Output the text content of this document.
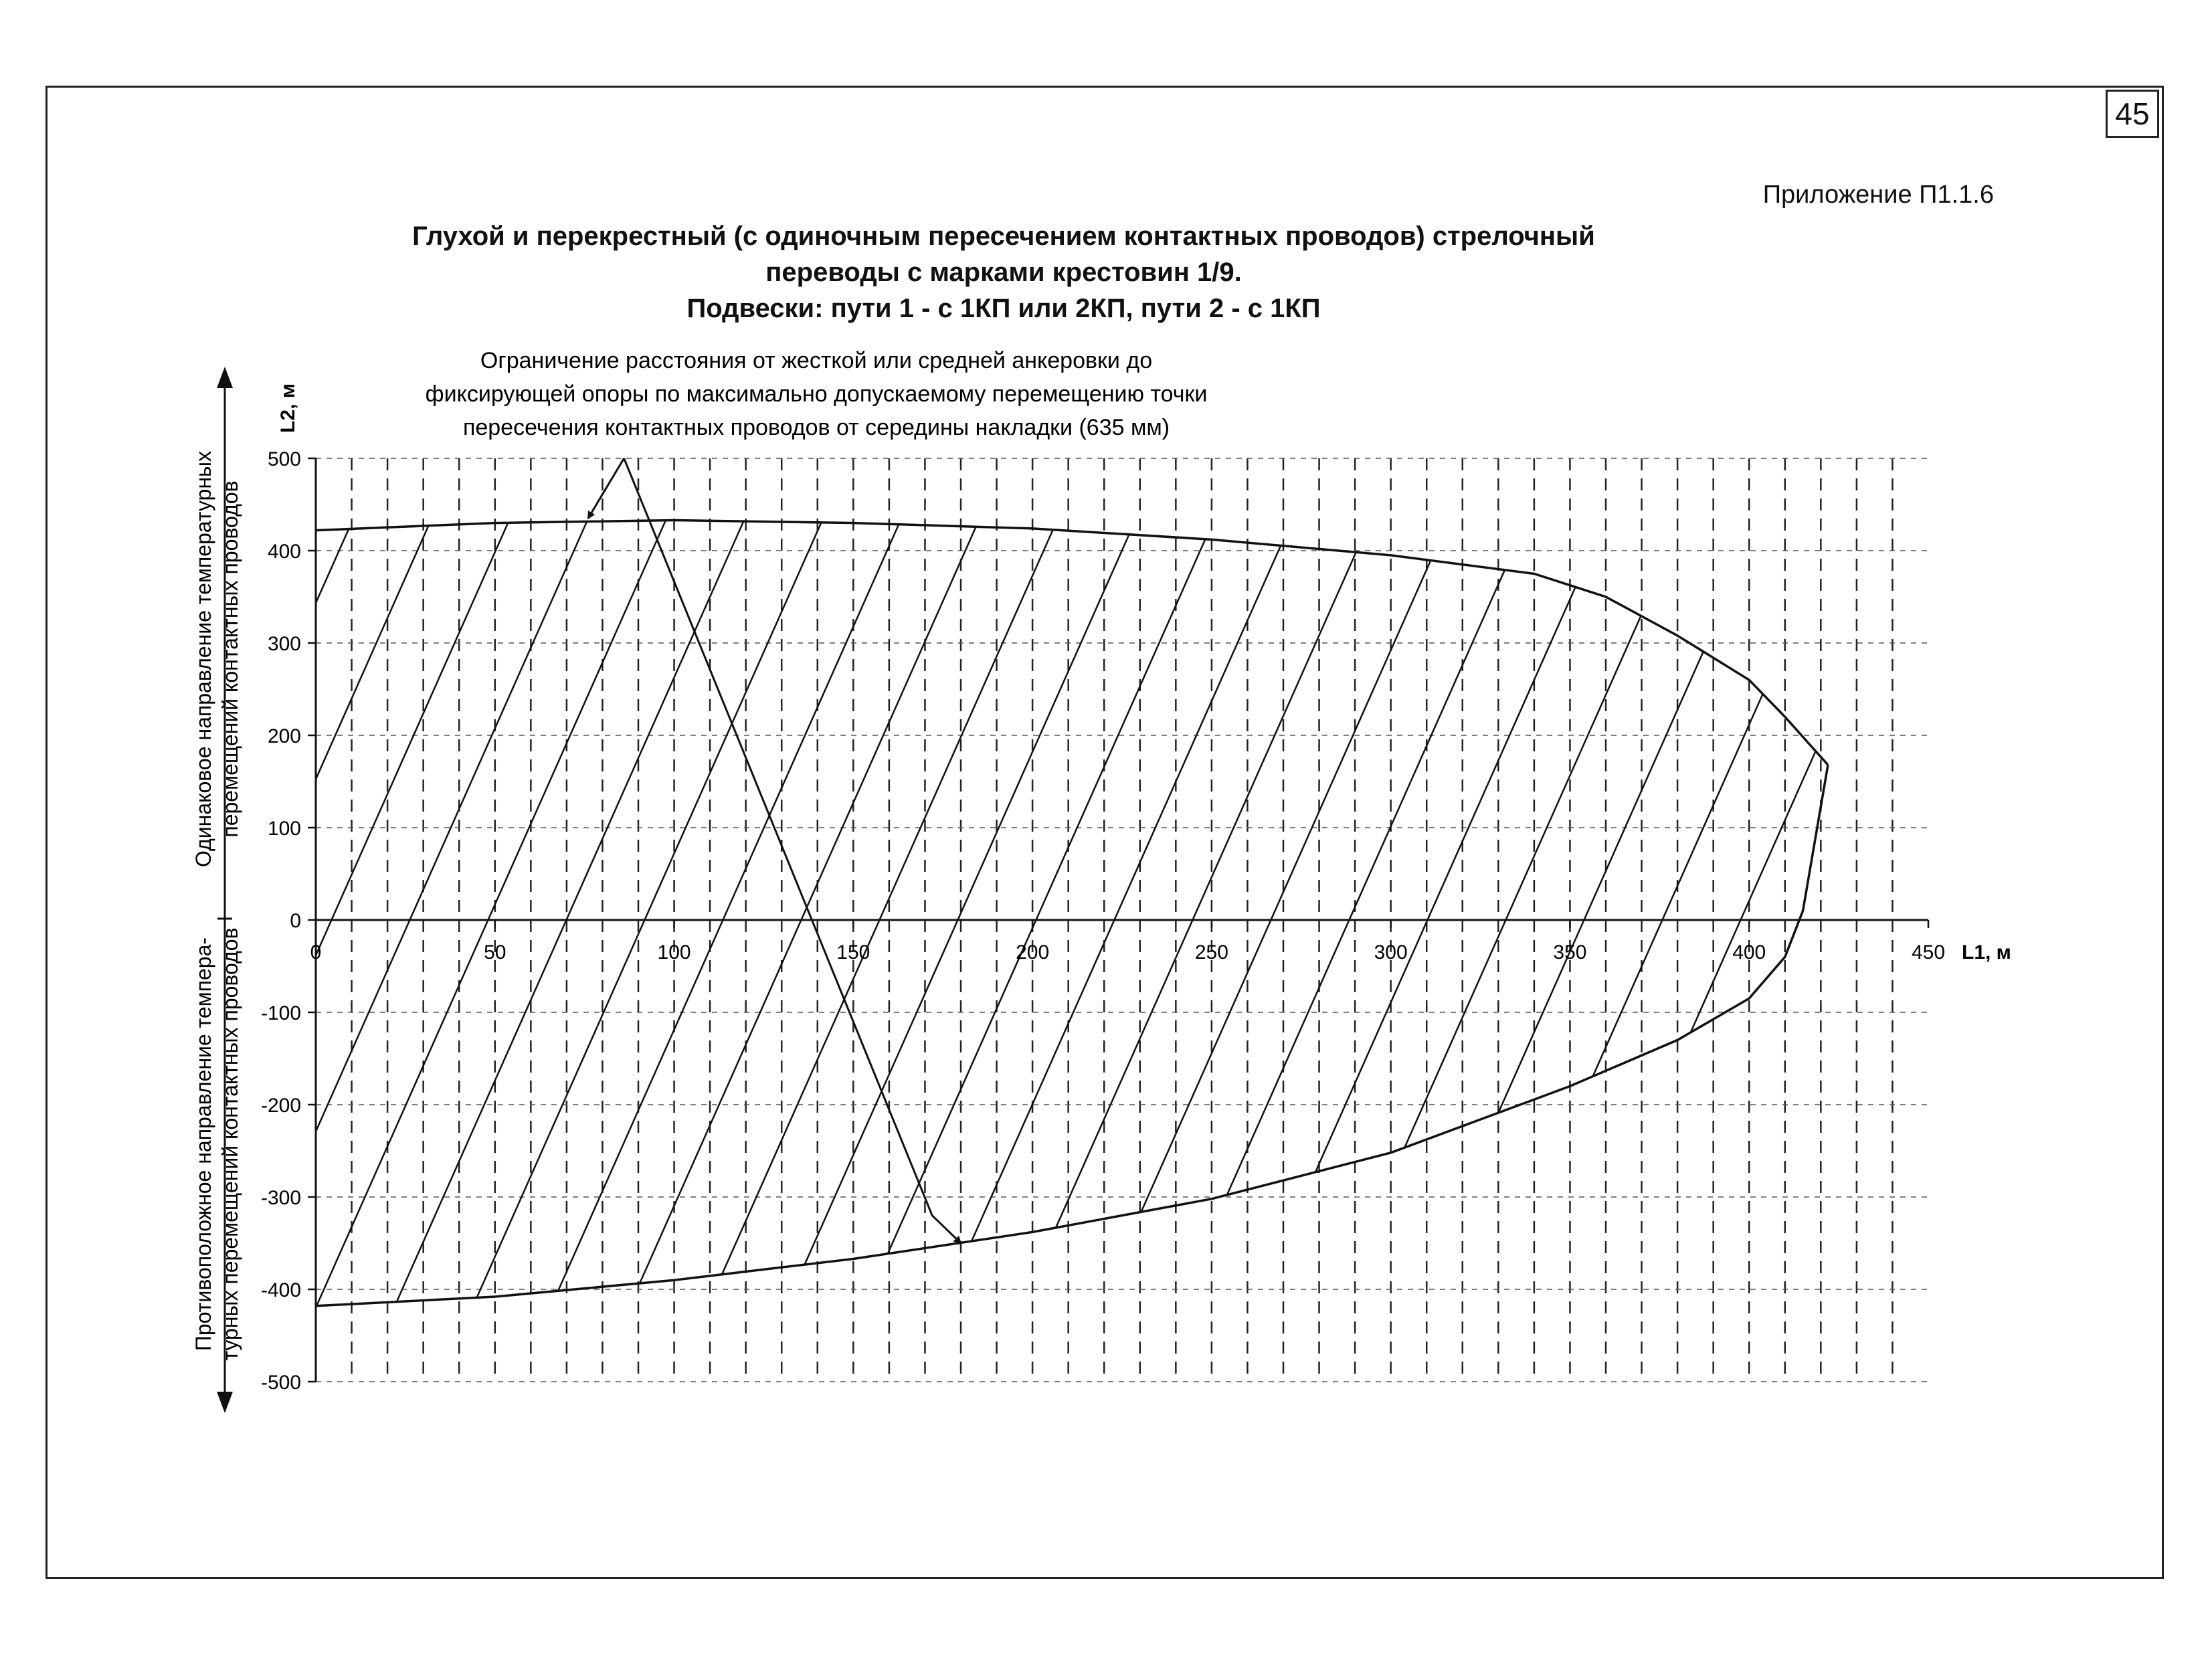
45
Приложение П1.1.6
Глухой и перекрестный (с одиночным пересечением контактных проводов) стрелочный
переводы с марками крестовин 1/9.
Подвески: пути 1 - с 1КП или 2КП, пути 2 - с 1КП
500
400
300
200
100
0
-100
-200
-300
-400
-500
0	50	100	150	200	250	300	350	400	450 L1, м
L2, м
Ограничение расстояния от жесткой или средней анкеровки до
фиксирующей опоры по максимально допускаемому перемещению точки
пересечения контактных проводов от середины накладки (635 мм)
Одинаковое направление температурных перемещений контактных проводов
Противоположное направление темпера- турных перемещений контактных проводов
